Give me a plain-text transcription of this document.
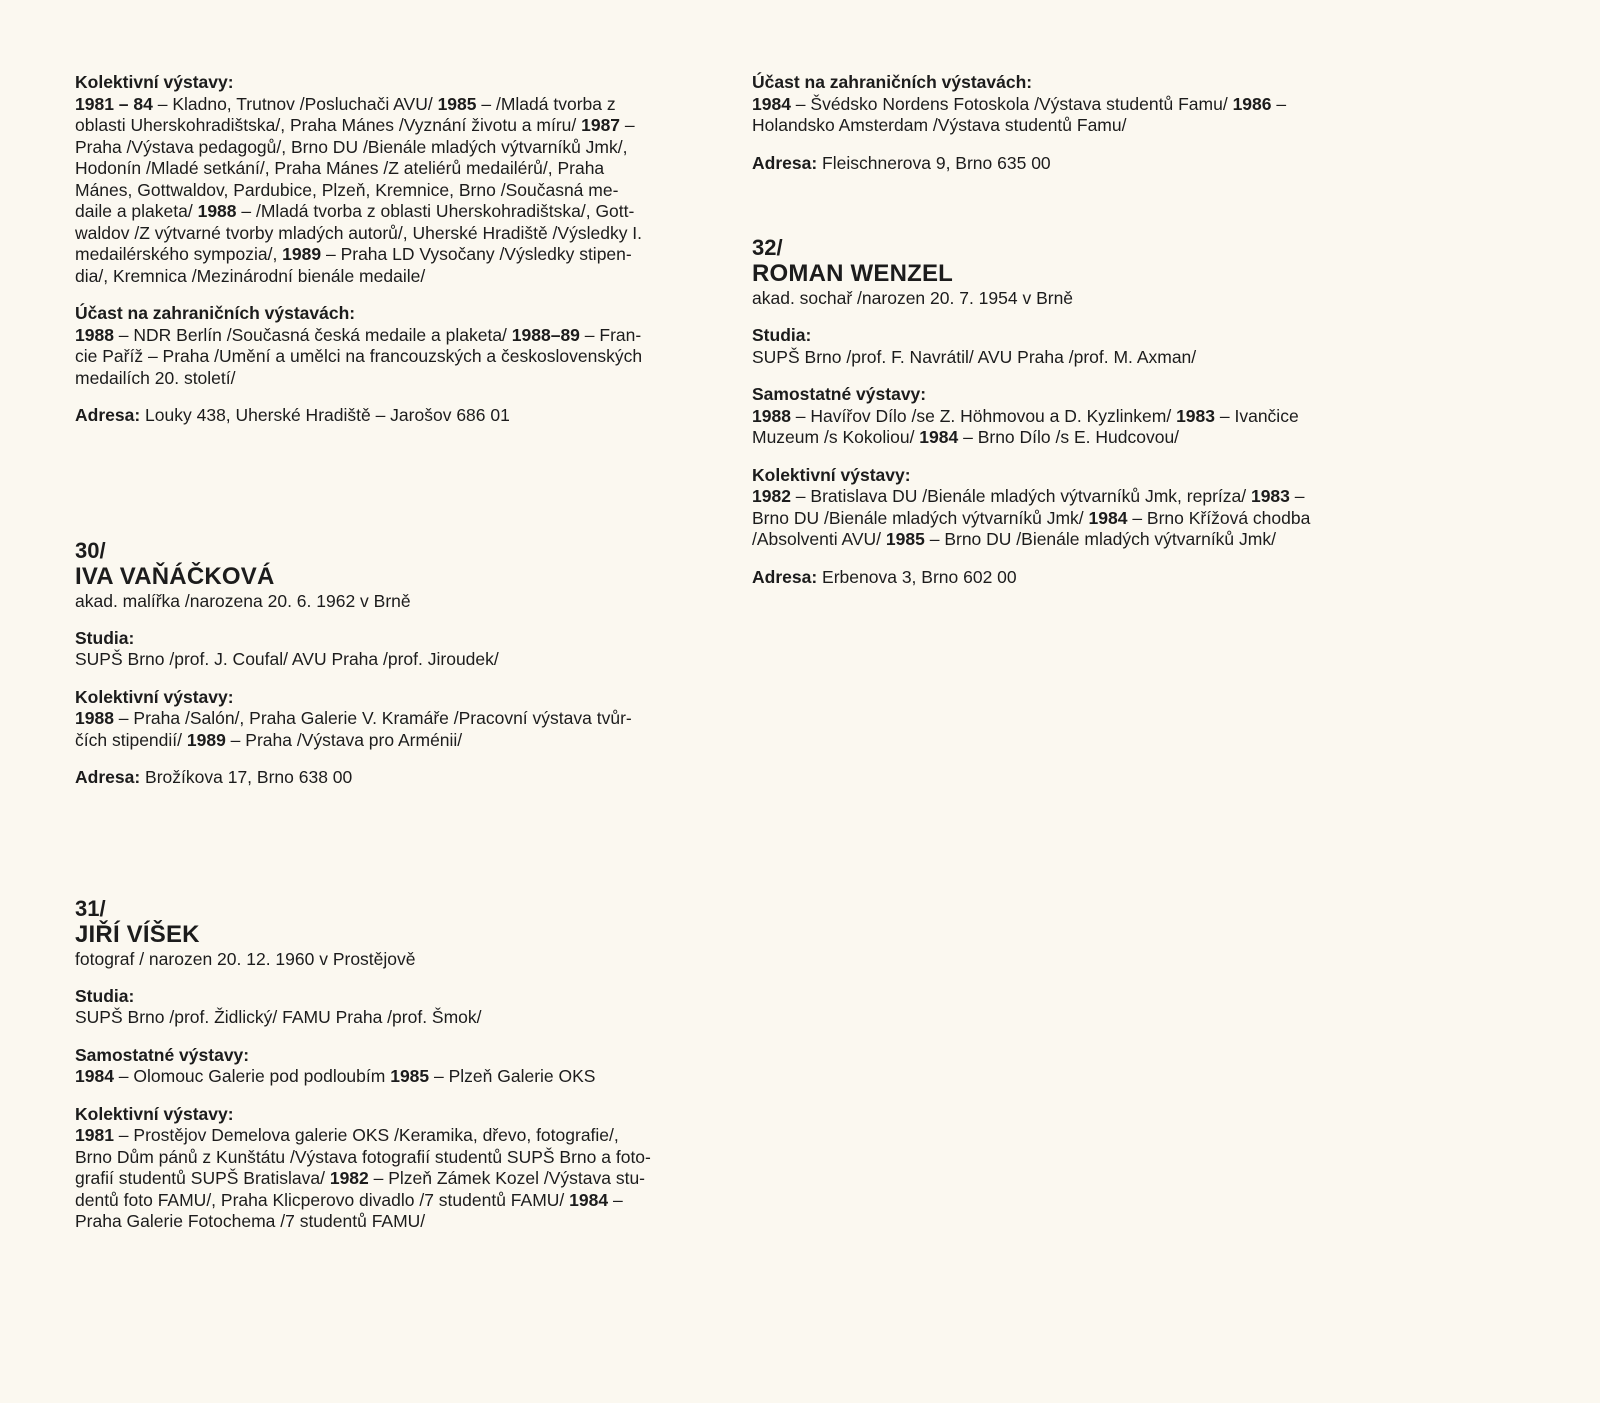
Kolektivní výstavy:
1981 – 84 – Kladno, Trutnov /Posluchači AVU/ 1985 – /Mladá tvorba z
oblasti Uherskohradištska/, Praha Mánes /Vyznání životu a míru/ 1987 –
Praha /Výstava pedagogů/, Brno DU /Bienále mladých výtvarníků Jmk/,
Hodonín /Mladé setkání/, Praha Mánes /Z ateliérů medailérů/, Praha
Mánes, Gottwaldov, Pardubice, Plzeň, Kremnice, Brno /Současná me-
daile a plaketa/ 1988 – /Mladá tvorba z oblasti Uherskohradištska/, Gott-
waldov /Z výtvarné tvorby mladých autorů/, Uherské Hradiště /Výsledky I.
medailérského sympozia/, 1989 – Praha LD Vysočany /Výsledky stipen-
dia/, Kremnica /Mezinárodní bienále medaile/
Účast na zahraničních výstavách:
1988 – NDR Berlín /Současná česká medaile a plaketa/ 1988–89 – Fran-
cie Paříž – Praha /Umění a umělci na francouzských a československých
medailích 20. století/
Adresa: Louky 438, Uherské Hradiště – Jarošov 686 01
30/
IVA VAŇÁČKOVÁ
akad. malířka /narozena 20. 6. 1962 v Brně
Studia:
SUPŠ Brno /prof. J. Coufal/ AVU Praha /prof. Jiroudek/
Kolektivní výstavy:
1988 – Praha /Salón/, Praha Galerie V. Kramáře /Pracovní výstava tvůr-
čích stipendií/ 1989 – Praha /Výstava pro Arménii/
Adresa: Brožíkova 17, Brno 638 00
31/
JIŘÍ VÍŠEK
fotograf / narozen 20. 12. 1960 v Prostějově
Studia:
SUPŠ Brno /prof. Židlický/ FAMU Praha /prof. Šmok/
Samostatné výstavy:
1984 – Olomouc Galerie pod podloubím 1985 – Plzeň Galerie OKS
Kolektivní výstavy:
1981 – Prostějov Demelova galerie OKS /Keramika, dřevo, fotografie/,
Brno Dům pánů z Kunštátu /Výstava fotografií studentů SUPŠ Brno a foto-
grafií studentů SUPŠ Bratislava/ 1982 – Plzeň Zámek Kozel /Výstava stu-
dentů foto FAMU/, Praha Klicperovo divadlo /7 studentů FAMU/ 1984 –
Praha Galerie Fotochema /7 studentů FAMU/
Účast na zahraničních výstavách:
1984 – Švédsko Nordens Fotoskola /Výstava studentů Famu/ 1986 –
Holandsko Amsterdam /Výstava studentů Famu/
Adresa: Fleischnerova 9, Brno 635 00
32/
ROMAN WENZEL
akad. sochař /narozen 20. 7. 1954 v Brně
Studia:
SUPŠ Brno /prof. F. Navrátil/ AVU Praha /prof. M. Axman/
Samostatné výstavy:
1988 – Havířov Dílo /se Z. Höhmovou a D. Kyzlinkem/ 1983 – Ivančice
Muzeum /s Kokoliou/ 1984 – Brno Dílo /s E. Hudcovou/
Kolektivní výstavy:
1982 – Bratislava DU /Bienále mladých výtvarníků Jmk, repríza/ 1983 –
Brno DU /Bienále mladých výtvarníků Jmk/ 1984 – Brno Křížová chodba
/Absolventi AVU/ 1985 – Brno DU /Bienále mladých výtvarníků Jmk/
Adresa: Erbenova 3, Brno 602 00
